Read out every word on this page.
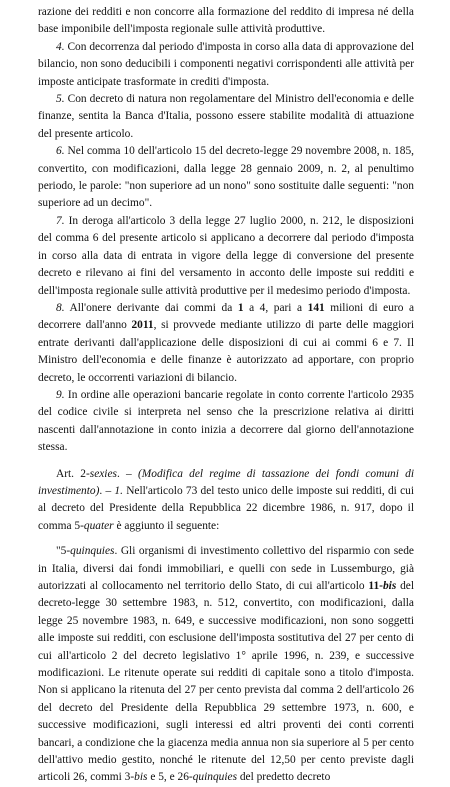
razione dei redditi e non concorre alla formazione del reddito di impresa né della base imponibile dell'imposta regionale sulle attività produttive.

4. Con decorrenza dal periodo d'imposta in corso alla data di approvazione del bilancio, non sono deducibili i componenti negativi corrispondenti alle attività per imposte anticipate trasformate in crediti d'imposta.

5. Con decreto di natura non regolamentare del Ministro dell'economia e delle finanze, sentita la Banca d'Italia, possono essere stabilite modalità di attuazione del presente articolo.

6. Nel comma 10 dell'articolo 15 del decreto-legge 29 novembre 2008, n. 185, convertito, con modificazioni, dalla legge 28 gennaio 2009, n. 2, al penultimo periodo, le parole: "non superiore ad un nono" sono sostituite dalle seguenti: "non superiore ad un decimo".

7. In deroga all'articolo 3 della legge 27 luglio 2000, n. 212, le disposizioni del comma 6 del presente articolo si applicano a decorrere dal periodo d'imposta in corso alla data di entrata in vigore della legge di conversione del presente decreto e rilevano ai fini del versamento in acconto delle imposte sui redditi e dell'imposta regionale sulle attività produttive per il medesimo periodo d'imposta.

8. All'onere derivante dai commi da 1 a 4, pari a 141 milioni di euro a decorrere dall'anno 2011, si provvede mediante utilizzo di parte delle maggiori entrate derivanti dall'applicazione delle disposizioni di cui ai commi 6 e 7. Il Ministro dell'economia e delle finanze è autorizzato ad apportare, con proprio decreto, le occorrenti variazioni di bilancio.

9. In ordine alle operazioni bancarie regolate in conto corrente l'articolo 2935 del codice civile si interpreta nel senso che la prescrizione relativa ai diritti nascenti dall'annotazione in conto inizia a decorrere dal giorno dell'annotazione stessa.

Art. 2-sexies. – (Modifica del regime di tassazione dei fondi comuni di investimento). – 1. Nell'articolo 73 del testo unico delle imposte sui redditi, di cui al decreto del Presidente della Repubblica 22 dicembre 1986, n. 917, dopo il comma 5-quater è aggiunto il seguente:

"5-quinquies. Gli organismi di investimento collettivo del risparmio con sede in Italia, diversi dai fondi immobiliari, e quelli con sede in Lussemburgo, già autorizzati al collocamento nel territorio dello Stato, di cui all'articolo 11-bis del decreto-legge 30 settembre 1983, n. 512, convertito, con modificazioni, dalla legge 25 novembre 1983, n. 649, e successive modificazioni, non sono soggetti alle imposte sui redditi, con esclusione dell'imposta sostitutiva del 27 per cento di cui all'articolo 2 del decreto legislativo 1° aprile 1996, n. 239, e successive modificazioni. Le ritenute operate sui redditi di capitale sono a titolo d'imposta. Non si applicano la ritenuta del 27 per cento prevista dal comma 2 dell'articolo 26 del decreto del Presidente della Repubblica 29 settembre 1973, n. 600, e successive modificazioni, sugli interessi ed altri proventi dei conti correnti bancari, a condizione che la giacenza media annua non sia superiore al 5 per cento dell'attivo medio gestito, nonché le ritenute del 12,50 per cento previste dagli articoli 26, commi 3-bis e 5, e 26-quinquies del predetto decreto
